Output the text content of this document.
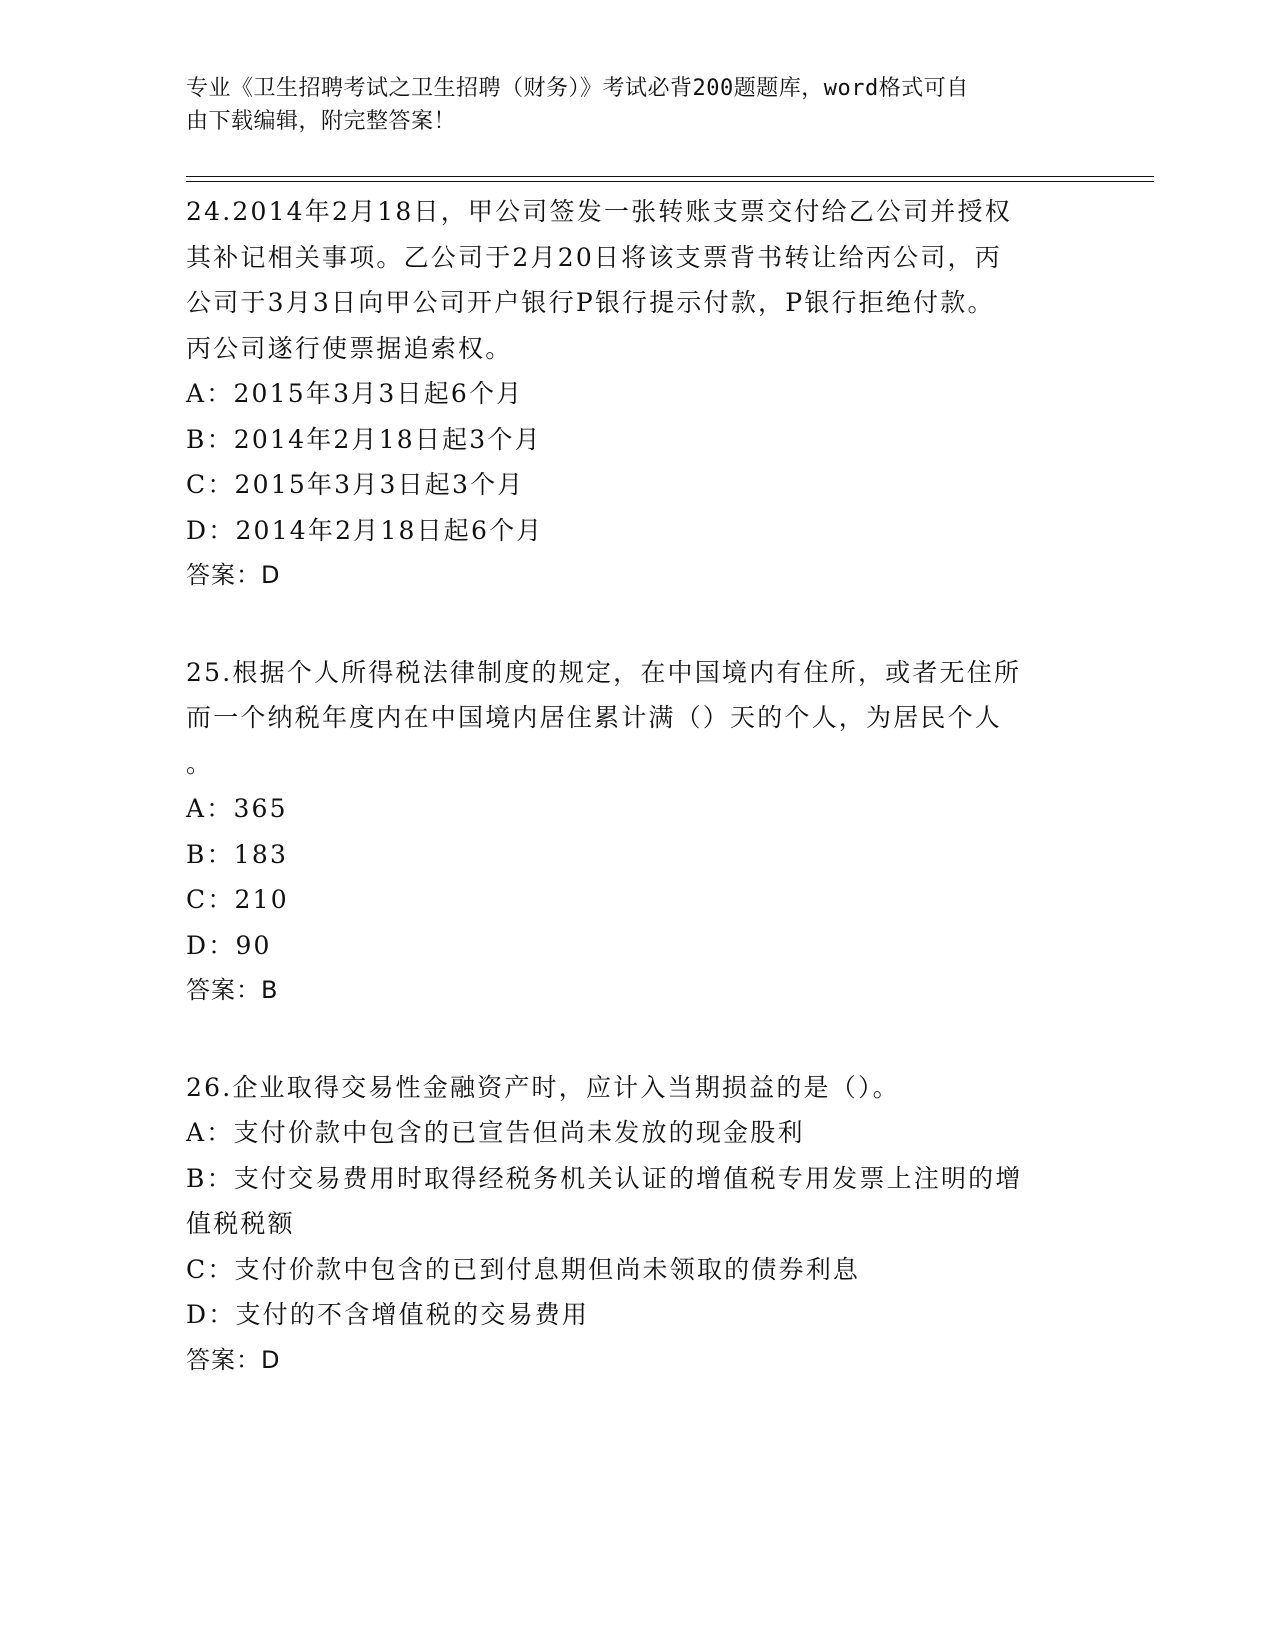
专业《卫生招聘考试之卫生招聘（财务）》考试必背200题题库，word格式可自
由下载编辑，附完整答案！

24.2014年2月18日，甲公司签发一张转账支票交付给乙公司并授权

其补记相关事项。乙公司于2月20日将该支票背书转让给丙公司，丙

公司于3月3日向甲公司开户银行P银行提示付款，P银行拒绝付款。

丙公司遂行使票据追索权。

A：2015年3月3日起6个月

B：2014年2月18日起3个月

C：2015年3月3日起3个月

D：2014年2月18日起6个月

答案：D

25.根据个人所得税法律制度的规定，在中国境内有住所，或者无住所

而一个纳税年度内在中国境内居住累计满（）天的个人，为居民个人

。

A：365

B：183

C：210

D：90

答案：B

26.企业取得交易性金融资产时，应计入当期损益的是（）。

A：支付价款中包含的已宣告但尚未发放的现金股利

B：支付交易费用时取得经税务机关认证的增值税专用发票上注明的增

值税税额

C：支付价款中包含的已到付息期但尚未领取的债券利息

D：支付的不含增值税的交易费用

答案：D
